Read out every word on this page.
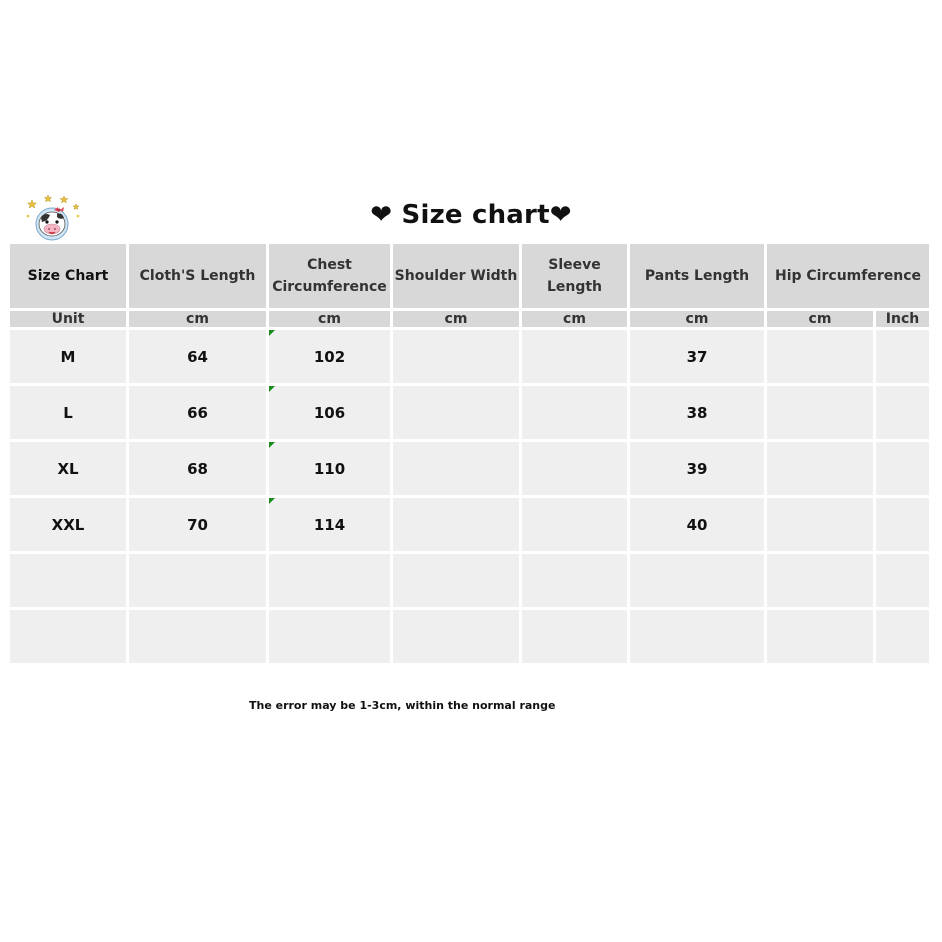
❤ Size chart❤
Size Chart	Cloth'S Length	Chest Circumference	Shoulder Width	Sleeve Length	Pants Length	Hip Circumference	
Unit	cm	cm	cm	cm	cm	cm	Inch
M	64	102			37		
L	66	106			38		
XL	68	110			39		
XXL	70	114			40		

The error may be 1-3cm, within the normal range
